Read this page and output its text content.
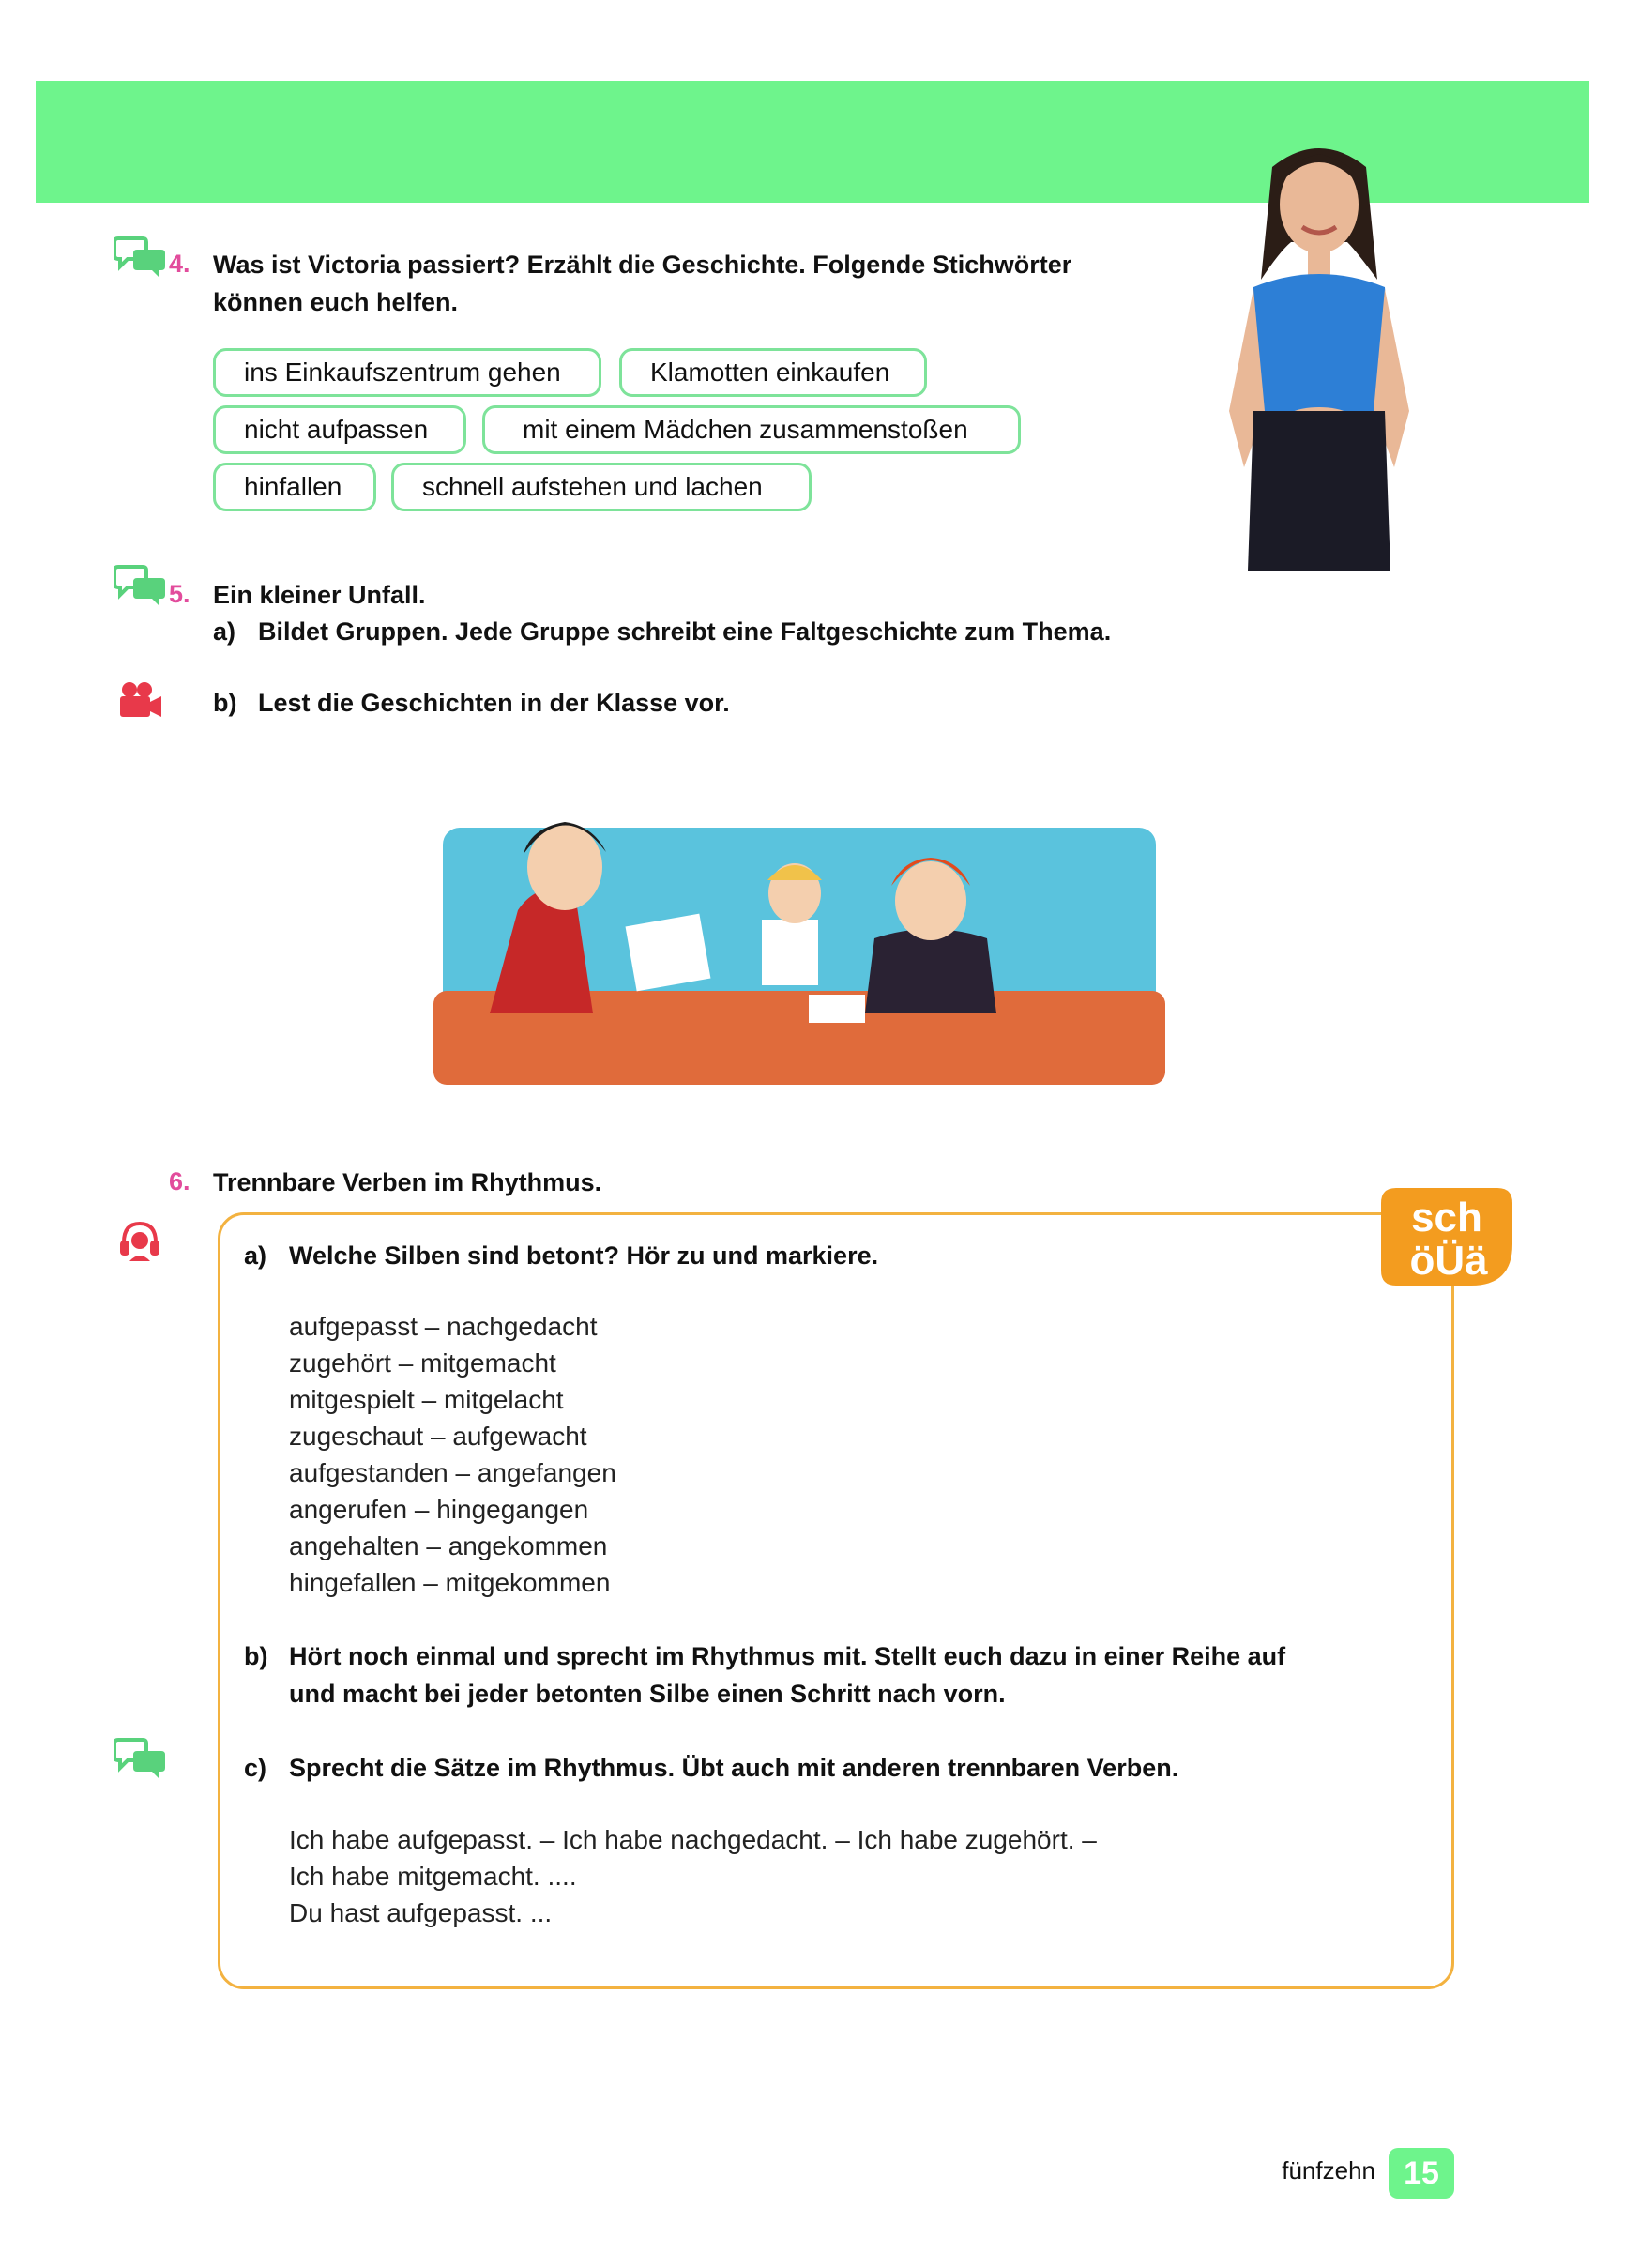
4. Was ist Victoria passiert? Erzählt die Geschichte. Folgende Stichwörter
können euch helfen.
ins Einkaufszentrum gehen	Klamotten einkaufen
nicht aufpassen	mit einem Mädchen zusammenstoßen
hinfallen	schnell aufstehen und lachen
5. Ein kleiner Unfall.
a) Bildet Gruppen. Jede Gruppe schreibt eine Faltgeschichte zum Thema.
b) Lest die Geschichten in der Klasse vor.
6. Trennbare Verben im Rhythmus.
sch
öÜä
a) Welche Silben sind betont? Hör zu und markiere.
aufgepasst – nachgedacht
zugehört – mitgemacht
mitgespielt – mitgelacht
zugeschaut – aufgewacht
aufgestanden – angefangen
angerufen – hingegangen
angehalten – angekommen
hingefallen – mitgekommen
b) Hört noch einmal und sprecht im Rhythmus mit. Stellt euch dazu in einer Reihe auf
und macht bei jeder betonten Silbe einen Schritt nach vorn.
c) Sprecht die Sätze im Rhythmus. Übt auch mit anderen trennbaren Verben.
Ich habe aufgepasst. – Ich habe nachgedacht. – Ich habe zugehört. –
Ich habe mitgemacht. ....
Du hast aufgepasst. ...
fünfzehn 15
